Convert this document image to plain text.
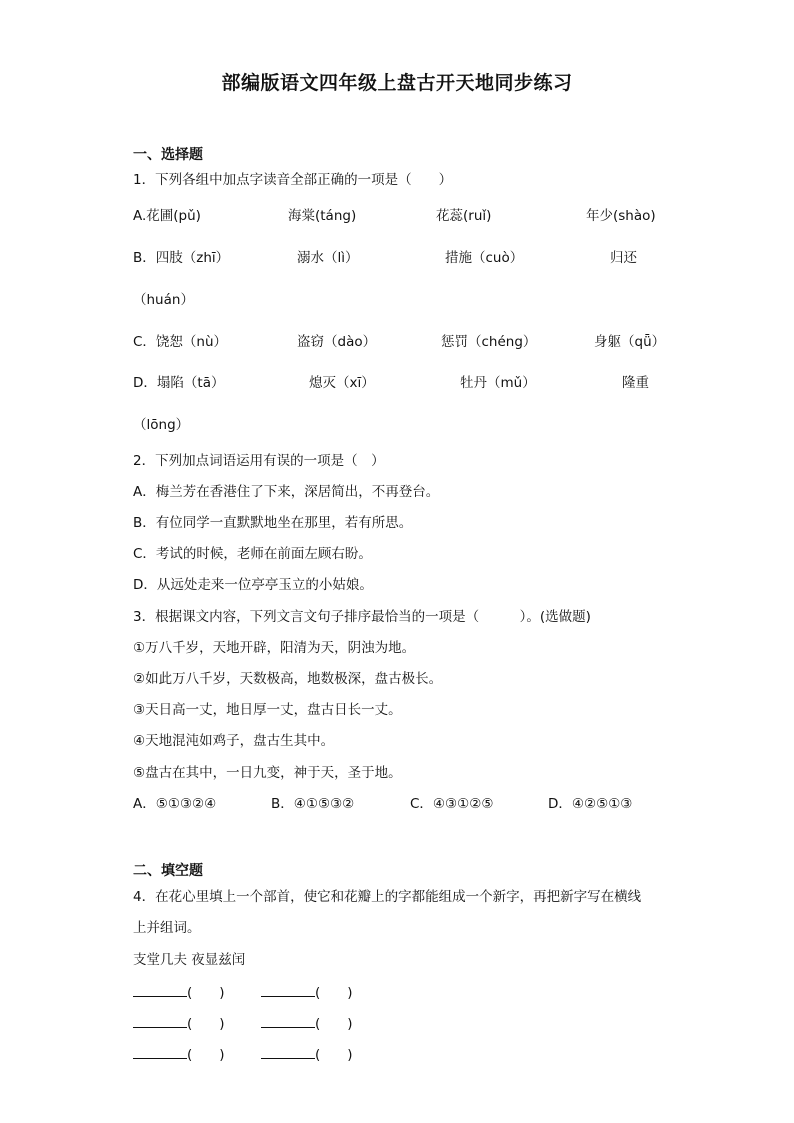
部编版语文四年级上盘古开天地同步练习
一、选择题
1．下列各组中加点字读音全部正确的一项是（　　）
A.花圃(pǔ)	海棠(táng)	花蕊(ruǐ)	年少(shào)
B．四肢（zhī）	溺水（lì）	措施（cuò）	归还
（huán）
C．饶恕（nù）	盗窃（dào）	惩罚（chéng）	身躯（qǖ）
D．塌陷（tā）	熄灭（xī）	牡丹（mǔ）	隆重
（lōng）
2．下列加点词语运用有误的一项是（　）
A．梅兰芳在香港住了下来，深居简出，不再登台。
B．有位同学一直默默地坐在那里，若有所思。
C．考试的时候，老师在前面左顾右盼。
D．从远处走来一位亭亭玉立的小姑娘。
3．根据课文内容，下列文言文句子排序最恰当的一项是（　　　）。(选做题)
①万八千岁，天地开辟，阳清为天，阴浊为地。
②如此万八千岁，天数极高，地数极深，盘古极长。
③天日高一丈，地日厚一丈，盘古日长一丈。
④天地混沌如鸡子，盘古生其中。
⑤盘古在其中，一日九变，神于天，圣于地。
A．⑤①③②④	B．④①⑤③②	C．④③①②⑤	D．④②⑤①③
二、填空题
4．在花心里填上一个部首，使它和花瓣上的字都能组成一个新字，再把新字写在横线
上并组词。
支堂几夫 夜显兹闰
(　　)	(　　)
(　　)	(　　)
(　　)	(　　)
